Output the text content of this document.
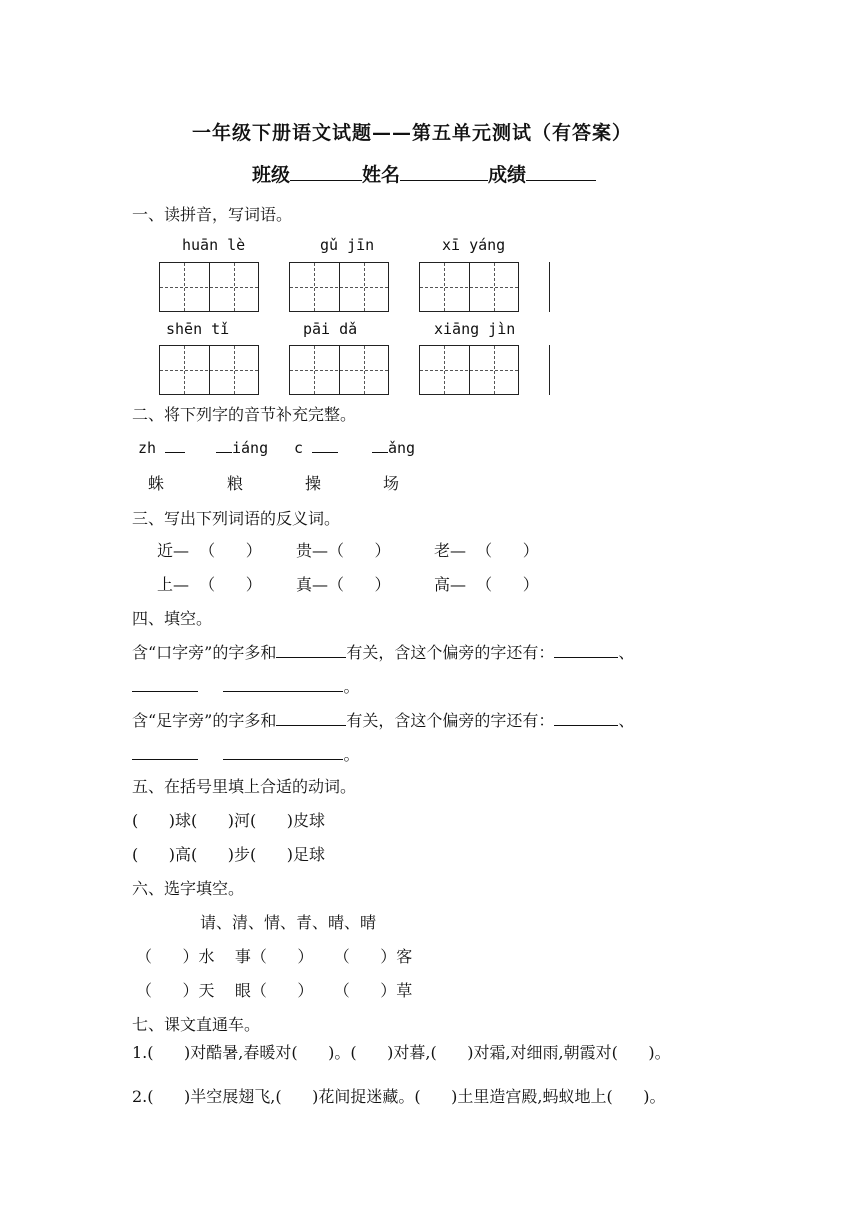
一年级下册语文试题——第五单元测试（有答案）
班级	姓名	成绩
一、读拼音，写词语。
huān lè	gǔ jīn	xī yáng
shēn tǐ	pāi dǎ	xiāng jìn
二、将下列字的音节补充完整。
zh	iáng c	ǎng
蛛	粮	操	场
三、写出下列词语的反义词。
近—  （      ） 贵—（      ）	老—  （      ）
上—  （      ） 真—（      ）	高—  （      ）
四、填空。
含“口字旁”的字多和	有关，含这个偏旁的字还有：	、
。
含“足字旁”的字多和	有关，含这个偏旁的字还有：	、
。
五、在括号里填上合适的动词。
(      )球(      )河(      )皮球
(      )高(      )步(      )足球
六、选字填空。
请、清、情、青、晴、晴
（      ）水    事（      ）    （      ）客
（      ）天    眼（      ）    （      ）草
七、课文直通车。
1.(      )对酷暑,春暖对(      )。(      )对暮,(      )对霜,对细雨,朝霞对(      )。
2.(      )半空展翅飞,(      )花间捉迷藏。(      )土里造宫殿,蚂蚁地上(      )。
